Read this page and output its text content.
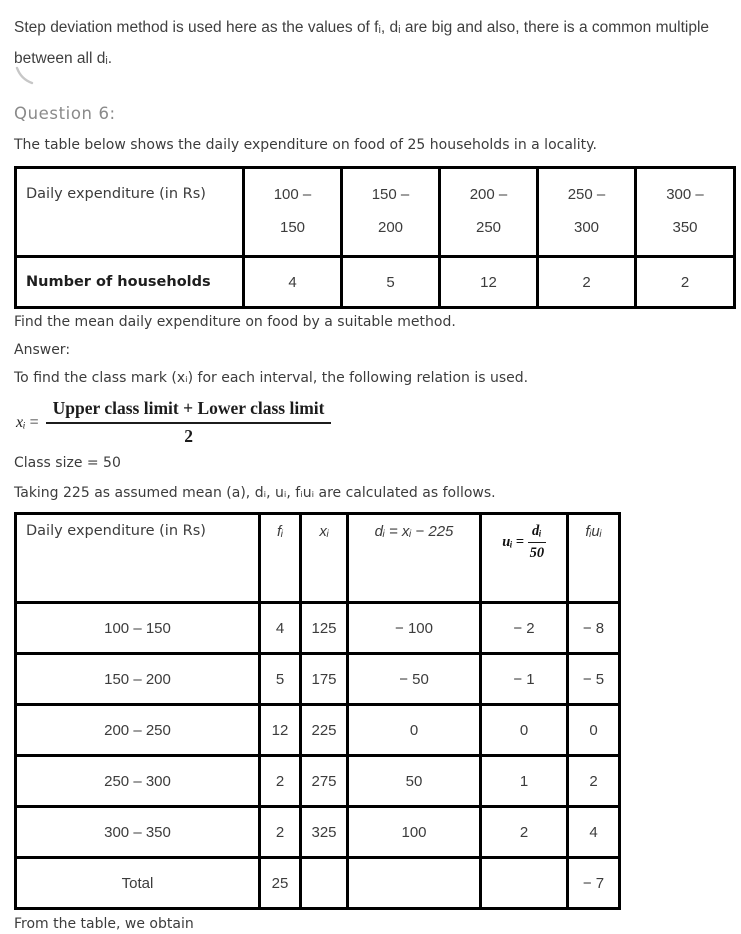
Step deviation method is used here as the values of fᵢ, dᵢ are big and also, there is a common multiple between all dᵢ.

Question 6:

The table below shows the daily expenditure on food of 25 households in a locality.

Daily expenditure (in Rs)	100 – 150	150 – 200	200 – 250	250 – 300	300 – 350
Number of households	4	5	12	2	2

Find the mean daily expenditure on food by a suitable method.

Answer:

To find the class mark (xᵢ) for each interval, the following relation is used.

xᵢ = $\frac{\text{Upper class limit + Lower class limit}}{2}$

Class size = 50

Taking 225 as assumed mean (a), dᵢ, uᵢ, fᵢuᵢ are calculated as follows.

Daily expenditure (in Rs)	fᵢ	xᵢ	dᵢ = xᵢ − 225	uᵢ = $\frac{\text{dᵢ}}{50}$	fᵢuᵢ
100 – 150	4	125	− 100	− 2	− 8
150 – 200	5	175	− 50	− 1	− 5
200 – 250	12	225	0	0	0
250 – 300	2	275	50	1	2
300 – 350	2	325	100	2	4
Total	25				− 7

From the table, we obtain
